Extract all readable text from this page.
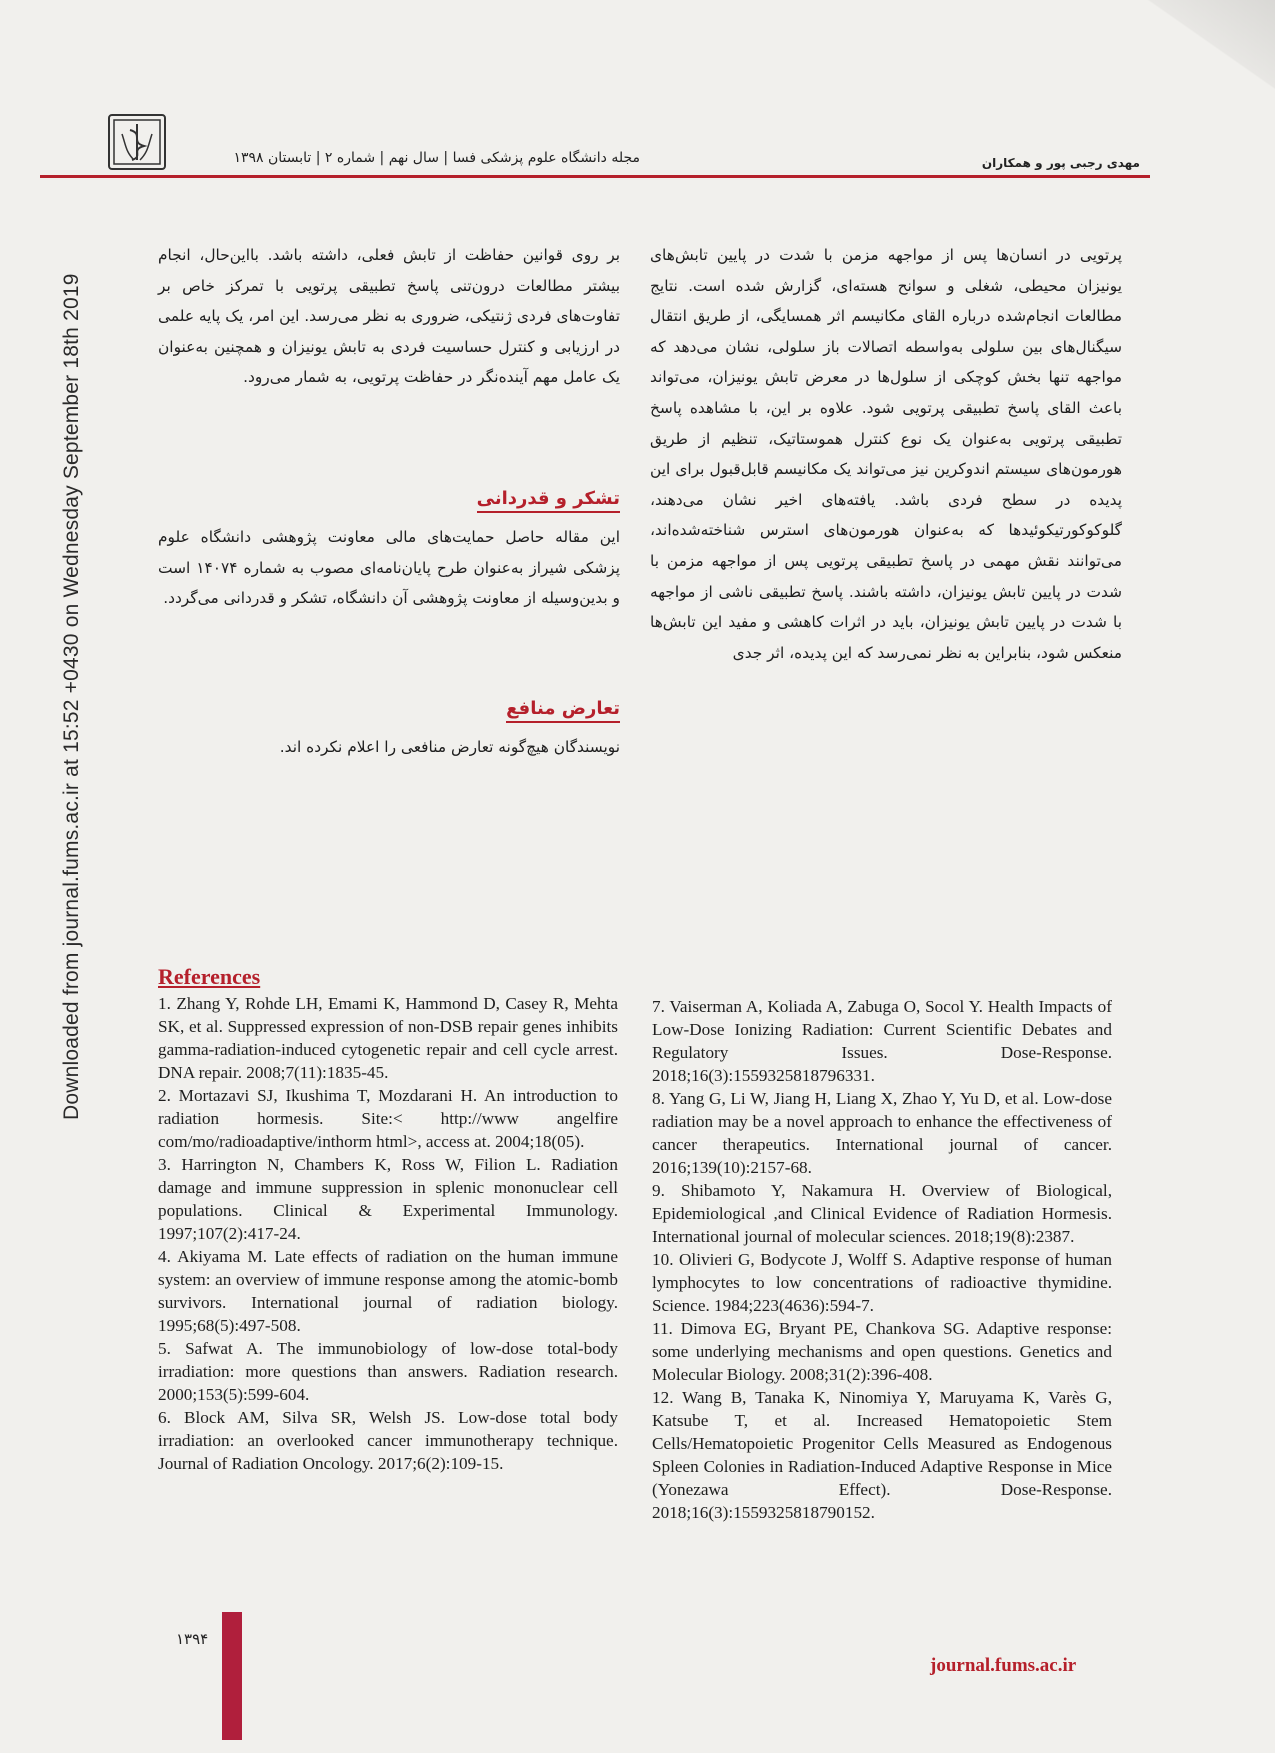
Downloaded from journal.fums.ac.ir at 15:52 +0430 on Wednesday September 18th 2019
مجله دانشگاه علوم پزشکی فسا | سال نهم | شماره ۲ | تابستان ۱۳۹۸	مهدی رجبی پور و همکاران

پرتویی در انسان‌ها پس از مواجهه مزمن با شدت در پایین تابش‌های یونیزان محیطی، شغلی و سوانح هسته‌ای، گزارش شده است. نتایج مطالعات انجام‌شده درباره القای مکانیسم اثر همسایگی، از طریق انتقال سیگنال‌های بین سلولی به‌واسطه اتصالات باز سلولی، نشان می‌دهد که مواجهه تنها بخش کوچکی از سلول‌ها در معرض تابش یونیزان، می‌تواند باعث القای پاسخ تطبیقی پرتویی شود. علاوه بر این، با مشاهده پاسخ تطبیقی پرتویی به‌عنوان یک نوع کنترل هموستاتیک، تنظیم از طریق هورمون‌های سیستم اندوکرین نیز می‌تواند یک مکانیسم قابل‌قبول برای این پدیده در سطح فردی باشد. یافته‌های اخیر نشان می‌دهند، گلوکوکورتیکوئیدها که به‌عنوان هورمون‌های استرس شناخته‌شده‌اند، می‌توانند نقش مهمی در پاسخ تطبیقی پرتویی پس از مواجهه مزمن با شدت در پایین تابش یونیزان، داشته باشند. پاسخ تطبیقی ناشی از مواجهه با شدت در پایین تابش یونیزان، باید در اثرات کاهشی و مفید این تابش‌ها منعکس شود، بنابراین به نظر نمی‌رسد که این پدیده، اثر جدی

بر روی قوانین حفاظت از تابش فعلی، داشته باشد. بااین‌حال، انجام بیشتر مطالعات درون‌تنی پاسخ تطبیقی پرتویی با تمرکز خاص بر تفاوت‌های فردی ژنتیکی، ضروری به نظر می‌رسد. این امر، یک پایه علمی در ارزیابی و کنترل حساسیت فردی به تابش یونیزان و همچنین به‌عنوان یک عامل مهم آینده‌نگر در حفاظت پرتویی، به شمار می‌رود.

تشکر و قدردانی

این مقاله حاصل حمایت‌های مالی معاونت پژوهشی دانشگاه علوم پزشکی شیراز به‌عنوان طرح پایان‌نامه‌ای مصوب به شماره ۱۴۰۷۴ است و بدین‌وسیله از معاونت پژوهشی آن دانشگاه، تشکر و قدردانی می‌گردد.

تعارض منافع

نویسندگان هیچ‌گونه تعارض منافعی را اعلام نکرده اند.

References

1. Zhang Y, Rohde LH, Emami K, Hammond D, Casey R, Mehta SK, et al. Suppressed expression of non-DSB repair genes inhibits gamma-radiation-induced cytogenetic repair and cell cycle arrest. DNA repair. 2008;7(11):1835-45.

2. Mortazavi SJ, Ikushima T, Mozdarani H. An introduction to radiation hormesis. Site:< http://www angelfire com/mo/radioadaptive/inthorm html>, access at. 2004;18(05).

3. Harrington N, Chambers K, Ross W, Filion L. Radiation damage and immune suppression in splenic mononuclear cell populations. Clinical & Experimental Immunology. 1997;107(2):417-24.

4. Akiyama M. Late effects of radiation on the human immune system: an overview of immune response among the atomic-bomb survivors. International journal of radiation biology. 1995;68(5):497-508.

5. Safwat A. The immunobiology of low-dose total-body irradiation: more questions than answers. Radiation research. 2000;153(5):599-604.

6. Block AM, Silva SR, Welsh JS. Low-dose total body irradiation: an overlooked cancer immunotherapy technique. Journal of Radiation Oncology. 2017;6(2):109-15.

7. Vaiserman A, Koliada A, Zabuga O, Socol Y. Health Impacts of Low-Dose Ionizing Radiation: Current Scientific Debates and Regulatory Issues. Dose-Response. 2018;16(3):1559325818796331.

8. Yang G, Li W, Jiang H, Liang X, Zhao Y, Yu D, et al. Low-dose radiation may be a novel approach to enhance the effectiveness of cancer therapeutics. International journal of cancer. 2016;139(10):2157-68.

9. Shibamoto Y, Nakamura H. Overview of Biological, Epidemiological ,and Clinical Evidence of Radiation Hormesis. International journal of molecular sciences. 2018;19(8):2387.

10. Olivieri G, Bodycote J, Wolff S. Adaptive response of human lymphocytes to low concentrations of radioactive thymidine. Science. 1984;223(4636):594-7.

11. Dimova EG, Bryant PE, Chankova SG. Adaptive response: some underlying mechanisms and open questions. Genetics and Molecular Biology. 2008;31(2):396-408.

12. Wang B, Tanaka K, Ninomiya Y, Maruyama K, Varès G, Katsube T, et al. Increased Hematopoietic Stem Cells/Hematopoietic Progenitor Cells Measured as Endogenous Spleen Colonies in Radiation-Induced Adaptive Response in Mice (Yonezawa Effect). Dose-Response. 2018;16(3):1559325818790152.

۱۳۹۴
journal.fums.ac.ir
